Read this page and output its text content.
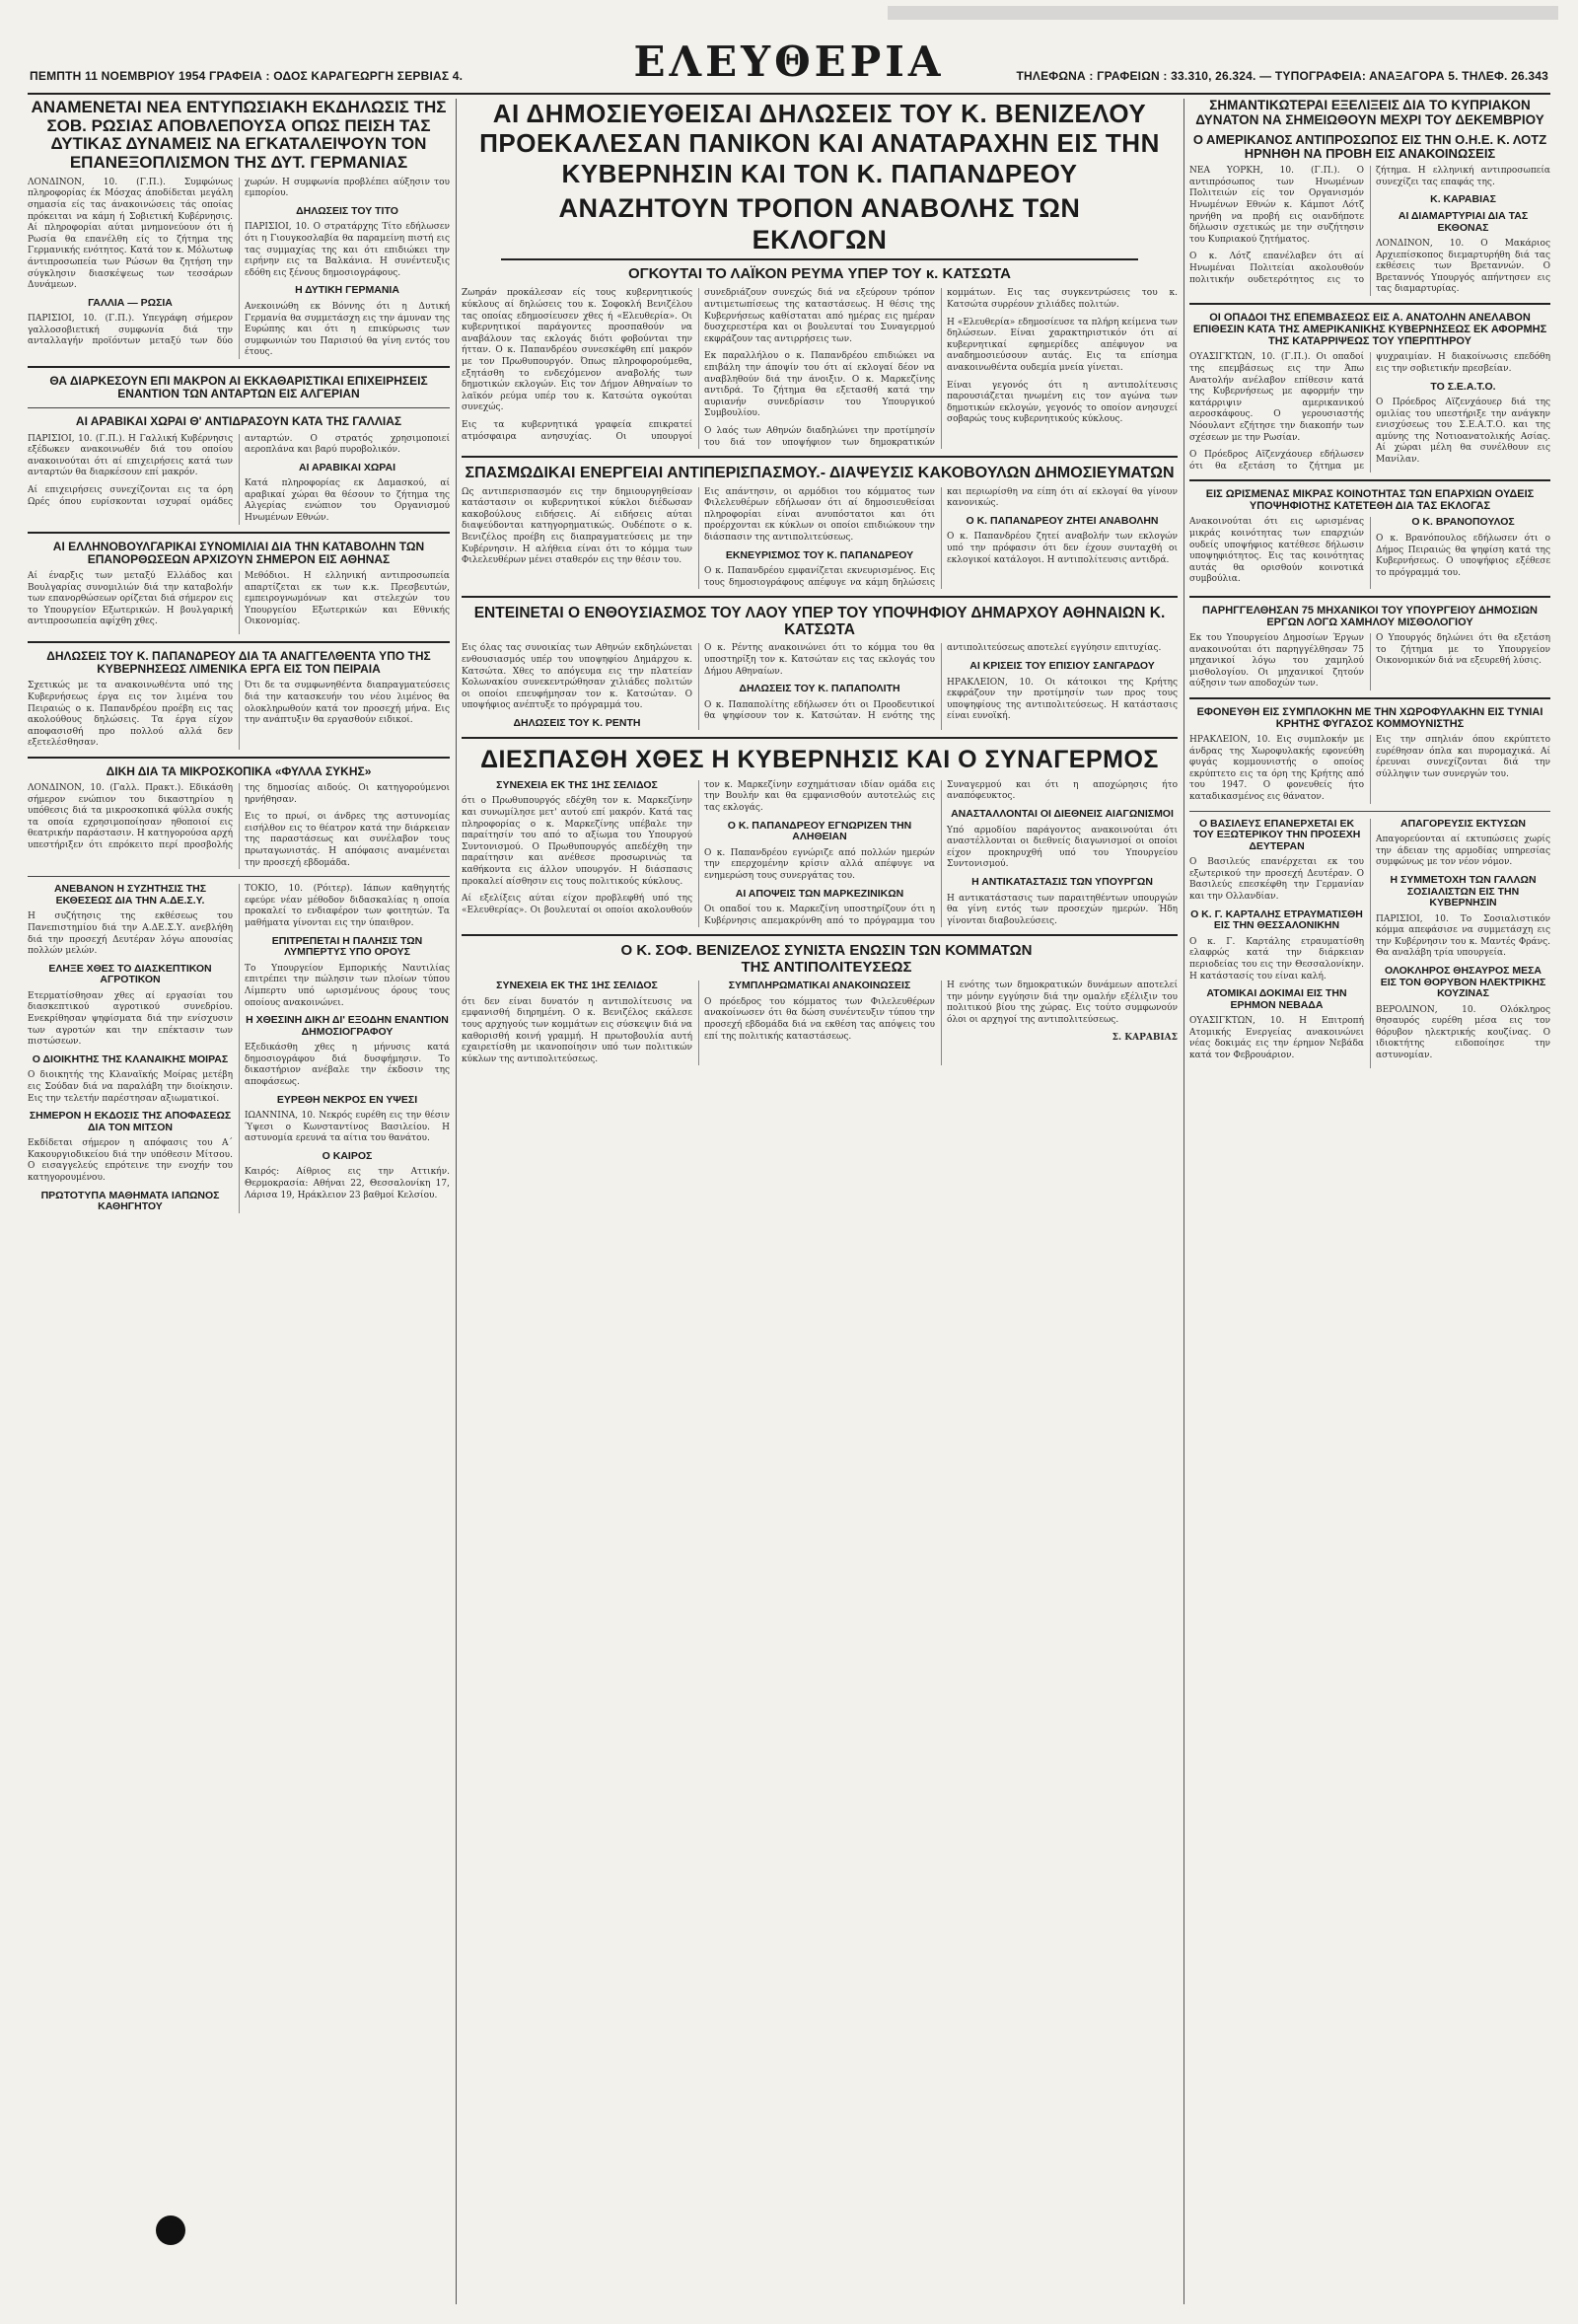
ΠΕΜΠΤΗ 11 ΝΟΕΜΒΡΙΟΥ 1954 ΓΡΑΦΕΙΑ : ΟΔΟΣ ΚΑΡΑΓΕΩΡΓΗ ΣΕΡΒΙΑΣ 4.	ΕΛΕΥΘΕΡΙΑ	ΤΗΛΕΦΩΝΑ : ΓΡΑΦΕΙΩΝ : 33.310, 26.324. — ΤΥΠΟΓΡΑΦΕΙΑ: ΑΝΑΞΑΓΟΡΑ 5. ΤΗΛΕΦ. 26.343
ΑΝΑΜΕΝΕΤΑΙ ΝΕΑ ΕΝΤΥΠΩΣΙΑΚΗ ΕΚΔΗΛΩΣΙΣ ΤΗΣ ΣΟΒ. ΡΩΣΙΑΣ ΑΠΟΒΛΕΠΟΥΣΑ ΟΠΩΣ ΠΕΙΣΗ ΤΑΣ ΔΥΤΙΚΑΣ ΔΥΝΑΜΕΙΣ ΝΑ ΕΓΚΑΤΑΛΕΙΨΟΥΝ ΤΟΝ ΕΠΑΝΕΞΟΠΛΙΣΜΟΝ ΤΗΣ ΔΥΤ. ΓΕΡΜΑΝΙΑΣ

ΛΟΝΔΙΝΟΝ, 10. (Γ.Π.). Συμφώνως πληροφορίας έκ Μόσχας άποδίδεται μεγάλη σημασία είς τας άνακοινώσεις τάς οποίας πρόκειται να κάμη ή Σοβιετική Κυβέρνησις. Αί πληροφορίαι αύται μνημονεύουν ότι ή Ρωσία θα επανέλθη είς το ζήτημα της Γερμανικής ενότητος. Κατά τον κ. Μόλωτωφ άντιπροσωπεία των Ρώσων θα ζητήση την σύγκλησιν διασκέψεως των τεσσάρων Δυνάμεων.

ΓΑΛΛΙΑ — ΡΩΣΙΑ

ΠΑΡΙΣΙΟΙ, 10. (Γ.Π.). Υπεγράφη σήμερον γαλλοσοβιετική συμφωνία διά την ανταλλαγήν προϊόντων μεταξύ των δύο χωρών. Η συμφωνία προβλέπει αύξησιν του εμπορίου.

ΔΗΛΩΣΕΙΣ ΤΟΥ ΤΙΤΟ

ΠΑΡΙΣΙΟΙ, 10. Ο στρατάρχης Τίτο εδήλωσεν ότι η Γιουγκοσλαβία θα παραμείνη πιστή εις τας συμμαχίας της και ότι επιδιώκει την ειρήνην εις τα Βαλκάνια. Η συνέντευξις εδόθη εις ξένους δημοσιογράφους.

Η ΔΥΤΙΚΗ ΓΕΡΜΑΝΙΑ

Ανεκοινώθη εκ Βόννης ότι η Δυτική Γερμανία θα συμμετάσχη εις την άμυναν της Ευρώπης και ότι η επικύρωσις των συμφωνιών του Παρισιού θα γίνη εντός του έτους.

ΘΑ ΔΙΑΡΚΕΣΟΥΝ ΕΠΙ ΜΑΚΡΟΝ ΑΙ ΕΚΚΑΘΑΡΙΣΤΙΚΑΙ ΕΠΙΧΕΙΡΗΣΕΙΣ ΕΝΑΝΤΙΟΝ ΤΩΝ ΑΝΤΑΡΤΩΝ ΕΙΣ ΑΛΓΕΡΙΑΝ
ΑΙ ΑΡΑΒΙΚΑΙ ΧΩΡΑΙ Θ' ΑΝΤΙΔΡΑΣΟΥΝ ΚΑΤΑ ΤΗΣ ΓΑΛΛΙΑΣ

ΠΑΡΙΣΙΟΙ, 10. (Γ.Π.). Η Γαλλική Κυβέρνησις εξέδωκεν ανακοινωθέν διά του οποίου ανακοινούται ότι αί επιχειρήσεις κατά των ανταρτών θα διαρκέσουν επί μακρόν.

Αί επιχειρήσεις συνεχίζονται εις τα όρη Ωρές όπου ευρίσκονται ισχυραί ομάδες ανταρτών. Ο στρατός χρησιμοποιεί αεροπλάνα και βαρύ πυροβολικόν.

ΑΙ ΑΡΑΒΙΚΑΙ ΧΩΡΑΙ

Κατά πληροφορίας εκ Δαμασκού, αί αραβικαί χώραι θα θέσουν το ζήτημα της Αλγερίας ενώπιον του Οργανισμού Ηνωμένων Εθνών.

ΑΙ ΕΛΛΗΝΟΒΟΥΛΓΑΡΙΚΑΙ ΣΥΝΟΜΙΛΙΑΙ ΔΙΑ ΤΗΝ ΚΑΤΑΒΟΛΗΝ ΤΩΝ ΕΠΑΝΟΡΘΩΣΕΩΝ ΑΡΧΙΖΟΥΝ ΣΗΜΕΡΟΝ ΕΙΣ ΑΘΗΝΑΣ

Αί έναρξις των μεταξύ Ελλάδος και Βουλγαρίας συνομιλιών διά την καταβολήν των επανορθώσεων ορίζεται διά σήμερον εις το Υπουργείον Εξωτερικών. Η βουλγαρική αντιπροσωπεία αφίχθη χθες.

Μεθόδιοι. Η ελληνική αντιπροσωπεία απαρτίζεται εκ των κ.κ. Πρεσβευτών, εμπειρογνωμόνων και στελεχών του Υπουργείου Εξωτερικών και Εθνικής Οικονομίας.

ΔΗΛΩΣΕΙΣ ΤΟΥ Κ. ΠΑΠΑΝΔΡΕΟΥ ΔΙΑ ΤΑ ΑΝΑΓΓΕΛΘΕΝΤΑ ΥΠΟ ΤΗΣ ΚΥΒΕΡΝΗΣΕΩΣ ΛΙΜΕΝΙΚΑ ΕΡΓΑ ΕΙΣ ΤΟΝ ΠΕΙΡΑΙΑ

Σχετικώς με τα ανακοινωθέντα υπό της Κυβερνήσεως έργα εις τον λιμένα του Πειραιώς ο κ. Παπανδρέου προέβη εις τας ακολούθους δηλώσεις. Τα έργα είχον αποφασισθή προ πολλού αλλά δεν εξετελέσθησαν.

Ότι δε τα συμφωνηθέντα διαπραγματεύσεις διά την κατασκευήν του νέου λιμένος θα ολοκληρωθούν κατά τον προσεχή μήνα. Εις την ανάπτυξιν θα εργασθούν ειδικοί.

ΔΙΚΗ ΔΙΑ ΤΑ ΜΙΚΡΟΣΚΟΠΙΚΑ «ΦΥΛΛΑ ΣΥΚΗΣ»

ΛΟΝΔΙΝΟΝ, 10. (Γαλλ. Πρακτ.). Εδικάσθη σήμερον ενώπιον του δικαστηρίου η υπόθεσις διά τα μικροσκοπικά φύλλα συκής τα οποία εχρησιμοποίησαν ηθοποιοί εις θεατρικήν παράστασιν. Η κατηγορούσα αρχή υπεστήριξεν ότι επρόκειτο περί προσβολής της δημοσίας αιδούς. Οι κατηγορούμενοι ηρνήθησαν.

Εις το πρωί, οι άνδρες της αστυνομίας εισήλθον εις το θέατρον κατά την διάρκειαν της παραστάσεως και συνέλαβον τους πρωταγωνιστάς. Η απόφασις αναμένεται την προσεχή εβδομάδα.

ΑΝΕΒΑΝΟΝ Η ΣΥΖΗΤΗΣΙΣ ΤΗΣ ΕΚΘΕΣΕΩΣ ΔΙΑ ΤΗΝ Α.ΔΕ.Σ.Υ.

Η συζήτησις της εκθέσεως του Πανεπιστημίου διά την Α.ΔΕ.Σ.Υ. ανεβλήθη διά την προσεχή Δευτέραν λόγω απουσίας πολλών μελών.

ΕΛΗΞΕ ΧΘΕΣ ΤΟ ΔΙΑΣΚΕΠΤΙΚΟΝ ΑΓΡΟΤΙΚΟΝ

Ετερματίσθησαν χθες αί εργασίαι του διασκεπτικού αγροτικού συνεδρίου. Ενεκρίθησαν ψηφίσματα διά την ενίσχυσιν των αγροτών και την επέκτασιν των πιστώσεων.

Ο ΔΙΟΙΚΗΤΗΣ ΤΗΣ ΚΛΑΝΑΙΚΗΣ ΜΟΙΡΑΣ

Ο διοικητής της Κλαναϊκής Μοίρας μετέβη εις Σούδαν διά να παραλάβη την διοίκησιν. Εις την τελετήν παρέστησαν αξιωματικοί.

ΣΗΜΕΡΟΝ Η ΕΚΔΟΣΙΣ ΤΗΣ ΑΠΟΦΑΣΕΩΣ ΔΙΑ ΤΟΝ ΜΙΤΣΟΝ

Εκδίδεται σήμερον η απόφασις του Α΄ Κακουργιοδικείου διά την υπόθεσιν Μίτσου. Ο εισαγγελεύς επρότεινε την ενοχήν του κατηγορουμένου.

ΠΡΩΤΟΤΥΠΑ ΜΑΘΗΜΑΤΑ ΙΑΠΩΝΟΣ ΚΑΘΗΓΗΤΟΥ

ΤΟΚΙΟ, 10. (Ρόιτερ). Ιάπων καθηγητής εφεύρε νέαν μέθοδον διδασκαλίας η οποία προκαλεί το ενδιαφέρον των φοιτητών. Τα μαθήματα γίνονται εις την ύπαιθρον.

ΕΠΙΤΡΕΠΕΤΑΙ Η ΠΑΛΗΣΙΣ ΤΩΝ ΛΥΜΠΕΡΤΥΣ ΥΠΟ ΟΡΟΥΣ

Το Υπουργείον Εμπορικής Ναυτιλίας επιτρέπει την πώλησιν των πλοίων τύπου Λίμπερτυ υπό ωρισμένους όρους τους οποίους ανακοινώνει.

Η ΧΘΕΣΙΝΗ ΔΙΚΗ ΔΙ' ΕΞΟΔΗΝ ΕΝΑΝΤΙΟΝ ΔΗΜΟΣΙΟΓΡΑΦΟΥ

Εξεδικάσθη χθες η μήνυσις κατά δημοσιογράφου διά δυσφήμησιν. Το δικαστήριον ανέβαλε την έκδοσιν της αποφάσεως.

ΕΥΡΕΘΗ ΝΕΚΡΟΣ ΕΝ ΥΨΕΣΙ

ΙΩΑΝΝΙΝΑ, 10. Νεκρός ευρέθη εις την θέσιν Ύψεσι ο Κωνσταντίνος Βασιλείου. Η αστυνομία ερευνά τα αίτια του θανάτου.

Ο ΚΑΙΡΟΣ

Καιρός: Αίθριος εις την Αττικήν. Θερμοκρασία: Αθήναι 22, Θεσσαλονίκη 17, Λάρισα 19, Ηράκλειον 23 βαθμοί Κελσίου.

ΑΙ ΔΗΜΟΣΙΕΥΘΕΙΣΑΙ ΔΗΛΩΣΕΙΣ ΤΟΥ Κ. ΒΕΝΙΖΕΛΟΥ ΠΡΟΕΚΑΛΕΣΑΝ ΠΑΝΙΚΟΝ ΚΑΙ ΑΝΑΤΑΡΑΧΗΝ ΕΙΣ ΤΗΝ ΚΥΒΕΡΝΗΣΙΝ ΚΑΙ ΤΟΝ Κ. ΠΑΠΑΝΔΡΕΟΥ
ΑΝΑΖΗΤΟΥΝ ΤΡΟΠΟΝ ΑΝΑΒΟΛΗΣ ΤΩΝ ΕΚΛΟΓΩΝ
ΟΓΚΟΥΤΑΙ ΤΟ ΛΑΪΚΟΝ ΡΕΥΜΑ ΥΠΕΡ ΤΟΥ κ. ΚΑΤΣΩΤΑ

Ζωηράν προκάλεσαν είς τους κυβερνητικούς κύκλους αί δηλώσεις του κ. Σοφοκλή Βενιζέλου τας οποίας εδημοσίευσεν χθες ή «Ελευθερία». Οι κυβερνητικοί παράγοντες προσπαθούν να αναβάλουν τας εκλογάς διότι φοβούνται την ήτταν. Ο κ. Παπανδρέου συνεσκέφθη επί μακρόν με τον Πρωθυπουργόν. Όπως πληροφορούμεθα, εξητάσθη το ενδεχόμενον αναβολής των δημοτικών εκλογών. Εις τον Δήμον Αθηναίων το λαϊκόν ρεύμα υπέρ του κ. Κατσώτα ογκούται συνεχώς.

Εις τα κυβερνητικά γραφεία επικρατεί ατμόσφαιρα ανησυχίας. Οι υπουργοί συνεδριάζουν συνεχώς διά να εξεύρουν τρόπον αντιμετωπίσεως της καταστάσεως. Η θέσις της Κυβερνήσεως καθίσταται από ημέρας εις ημέραν δυσχερεστέρα και οι βουλευταί του Συναγερμού εκφράζουν τας αντιρρήσεις των.

Εκ παραλλήλου ο κ. Παπανδρέου επιδιώκει να επιβάλη την άποψίν του ότι αί εκλογαί δέον να αναβληθούν διά την άνοιξιν. Ο κ. Μαρκεζίνης αντιδρά. Το ζήτημα θα εξετασθή κατά την αυριανήν συνεδρίασιν του Υπουργικού Συμβουλίου.

Ο λαός των Αθηνών διαδηλώνει την προτίμησίν του διά τον υποψήφιον των δημοκρατικών κομμάτων. Εις τας συγκεντρώσεις του κ. Κατσώτα συρρέουν χιλιάδες πολιτών.

Η «Ελευθερία» εδημοσίευσε τα πλήρη κείμενα των δηλώσεων. Είναι χαρακτηριστικόν ότι αί κυβερνητικαί εφημερίδες απέφυγον να αναδημοσιεύσουν αυτάς. Εις τα επίσημα ανακοινωθέντα ουδεμία μνεία γίνεται.

Είναι γεγονός ότι η αντιπολίτευσις παρουσιάζεται ηνωμένη εις τον αγώνα των δημοτικών εκλογών, γεγονός το οποίον ανησυχεί σοβαρώς τους κυβερνητικούς κύκλους.

ΣΠΑΣΜΩΔΙΚΑΙ ΕΝΕΡΓΕΙΑΙ ΑΝΤΙΠΕΡΙΣΠΑΣΜΟΥ.- ΔΙΑΨΕΥΣΙΣ ΚΑΚΟΒΟΥΛΩΝ ΔΗΜΟΣΙΕΥΜΑΤΩΝ

Ως αντιπερισπασμόν εις την δημιουργηθείσαν κατάστασιν οι κυβερνητικοί κύκλοι διέδωσαν κακοβούλους ειδήσεις. Αί ειδήσεις αύται διαψεύδονται κατηγορηματικώς. Ουδέποτε ο κ. Βενιζέλος προέβη εις διαπραγματεύσεις με την Κυβέρνησιν. Η αλήθεια είναι ότι το κόμμα των Φιλελευθέρων μένει σταθερόν εις την θέσιν του.

Εις απάντησιν, οι αρμόδιοι του κόμματος των Φιλελευθέρων εδήλωσαν ότι αί δημοσιευθείσαι πληροφορίαι είναι ανυπόστατοι και ότι προέρχονται εκ κύκλων οι οποίοι επιδιώκουν την διάσπασιν της αντιπολιτεύσεως.

ΕΚΝΕΥΡΙΣΜΟΣ ΤΟΥ Κ. ΠΑΠΑΝΔΡΕΟΥ

Ο κ. Παπανδρέου εμφανίζεται εκνευρισμένος. Εις τους δημοσιογράφους απέφυγε να κάμη δηλώσεις και περιωρίσθη να είπη ότι αί εκλογαί θα γίνουν κανονικώς.

Ο Κ. ΠΑΠΑΝΔΡΕΟΥ ΖΗΤΕΙ ΑΝΑΒΟΛΗΝ

Ο κ. Παπανδρέου ζητεί αναβολήν των εκλογών υπό την πρόφασιν ότι δεν έχουν συνταχθή οι εκλογικοί κατάλογοι. Η αντιπολίτευσις αντιδρά.

ΕΝΤΕΙΝΕΤΑΙ Ο ΕΝΘΟΥΣΙΑΣΜΟΣ ΤΟΥ ΛΑΟΥ ΥΠΕΡ ΤΟΥ ΥΠΟΨΗΦΙΟΥ ΔΗΜΑΡΧΟΥ ΑΘΗΝΑΙΩΝ Κ. ΚΑΤΣΩΤΑ

Εις όλας τας συνοικίας των Αθηνών εκδηλώνεται ενθουσιασμός υπέρ του υποψηφίου Δημάρχου κ. Κατσώτα. Χθες το απόγευμα εις την πλατείαν Κολωνακίου συνεκεντρώθησαν χιλιάδες πολιτών οι οποίοι επευφήμησαν τον κ. Κατσώταν. Ο υποψήφιος ανέπτυξε το πρόγραμμά του.

ΔΗΛΩΣΕΙΣ ΤΟΥ Κ. ΡΕΝΤΗ

Ο κ. Ρέντης ανακοινώνει ότι το κόμμα του θα υποστηρίξη τον κ. Κατσώταν εις τας εκλογάς του Δήμου Αθηναίων.

ΔΗΛΩΣΕΙΣ ΤΟΥ Κ. ΠΑΠΑΠΟΛΙΤΗ

Ο κ. Παπαπολίτης εδήλωσεν ότι οι Προοδευτικοί θα ψηφίσουν τον κ. Κατσώταν. Η ενότης της αντιπολιτεύσεως αποτελεί εγγύησιν επιτυχίας.

ΑΙ ΚΡΙΣΕΙΣ ΤΟΥ ΕΠΙΣΙΟΥ ΣΑΝΓΑΡΔΟΥ

ΗΡΑΚΛΕΙΟΝ, 10. Οι κάτοικοι της Κρήτης εκφράζουν την προτίμησίν των προς τους υποψηφίους της αντιπολιτεύσεως. Η κατάστασις είναι ευνοϊκή.

ΔΙΕΣΠΑΣΘΗ ΧΘΕΣ Η ΚΥΒΕΡΝΗΣΙΣ ΚΑΙ Ο ΣΥΝΑΓΕΡΜΟΣ
ΣΥΝΕΧΕΙΑ ΕΚ ΤΗΣ 1ΗΣ ΣΕΛΙΔΟΣ

ότι ο Πρωθυπουργός εδέχθη τον κ. Μαρκεζίνην και συνωμίλησε μετ' αυτού επί μακρόν. Κατά τας πληροφορίας ο κ. Μαρκεζίνης υπέβαλε την παραίτησίν του από το αξίωμα του Υπουργού Συντονισμού. Ο Πρωθυπουργός απεδέχθη την παραίτησιν και ανέθεσε προσωρινώς τα καθήκοντα εις άλλον υπουργόν. Η διάσπασις προκαλεί αίσθησιν εις τους πολιτικούς κύκλους.

Αί εξελίξεις αύται είχον προβλεφθή υπό της «Ελευθερίας». Οι βουλευταί οι οποίοι ακολουθούν τον κ. Μαρκεζίνην εσχημάτισαν ιδίαν ομάδα εις την Βουλήν και θα εμφανισθούν αυτοτελώς εις τας εκλογάς.

Ο Κ. ΠΑΠΑΝΔΡΕΟΥ ΕΓΝΩΡΙΖΕΝ ΤΗΝ ΑΛΗΘΕΙΑΝ

Ο κ. Παπανδρέου εγνώριζε από πολλών ημερών την επερχομένην κρίσιν αλλά απέφυγε να ενημερώση τους συνεργάτας του.

ΑΙ ΑΠΟΨΕΙΣ ΤΩΝ ΜΑΡΚΕΖΙΝΙΚΩΝ

Οι οπαδοί του κ. Μαρκεζίνη υποστηρίζουν ότι η Κυβέρνησις απεμακρύνθη από το πρόγραμμα του Συναγερμού και ότι η αποχώρησις ήτο αναπόφευκτος.

ΑΝΑΣΤΑΛΛΟΝΤΑΙ ΟΙ ΔΙΕΘΝΕΙΣ ΑΙΑΓΩΝΙΣΜΟΙ

Υπό αρμοδίου παράγοντος ανακοινούται ότι αναστέλλονται οι διεθνείς διαγωνισμοί οι οποίοι είχον προκηρυχθή υπό του Υπουργείου Συντονισμού.

Η ΑΝΤΙΚΑΤΑΣΤΑΣΙΣ ΤΩΝ ΥΠΟΥΡΓΩΝ

Η αντικατάστασις των παραιτηθέντων υπουργών θα γίνη εντός των προσεχών ημερών. Ήδη γίνονται διαβουλεύσεις.

Ο Κ. ΣΟΦ. ΒΕΝΙΖΕΛΟΣ ΣΥΝΙΣΤΑ ΕΝΩΣΙΝ ΤΩΝ ΚΟΜΜΑΤΩΝ ΤΗΣ ΑΝΤΙΠΟΛΙΤΕΥΣΕΩΣ
ΣΥΝΕΧΕΙΑ ΕΚ ΤΗΣ 1ΗΣ ΣΕΛΙΔΟΣ

ότι δεν είναι δυνατόν η αντιπολίτευσις να εμφανισθή διηρημένη. Ο κ. Βενιζέλος εκάλεσε τους αρχηγούς των κομμάτων εις σύσκεψιν διά να καθορισθή κοινή γραμμή. Η πρωτοβουλία αυτή εχαιρετίσθη με ικανοποίησιν υπό των πολιτικών κύκλων της αντιπολιτεύσεως.

ΣΥΜΠΛΗΡΩΜΑΤΙΚΑΙ ΑΝΑΚΟΙΝΩΣΕΙΣ

Ο πρόεδρος του κόμματος των Φιλελευθέρων ανακοίνωσεν ότι θα δώση συνέντευξιν τύπου την προσεχή εβδομάδα διά να εκθέση τας απόψεις του επί της πολιτικής καταστάσεως.

Η ενότης των δημοκρατικών δυνάμεων αποτελεί την μόνην εγγύησιν διά την ομαλήν εξέλιξιν του πολιτικού βίου της χώρας. Εις τούτο συμφωνούν όλοι οι αρχηγοί της αντιπολιτεύσεως.

Σ. ΚΑΡΑΒΙΑΣ

ΣΗΜΑΝΤΙΚΩΤΕΡΑΙ ΕΞΕΛΙΞΕΙΣ ΔΙΑ ΤΟ ΚΥΠΡΙΑΚΟΝ ΔΥΝΑΤΟΝ ΝΑ ΣΗΜΕΙΩΘΟΥΝ ΜΕΧΡΙ ΤΟΥ ΔΕΚΕΜΒΡΙΟΥ
Ο ΑΜΕΡΙΚΑΝΟΣ ΑΝΤΙΠΡΟΣΩΠΟΣ ΕΙΣ ΤΗΝ Ο.Η.Ε. Κ. ΛΟΤΖ ΗΡΝΗΘΗ ΝΑ ΠΡΟΒΗ ΕΙΣ ΑΝΑΚΟΙΝΩΣΕΙΣ

ΝΕΑ ΥΟΡΚΗ, 10. (Γ.Π.). Ο αντιπρόσωπος των Ηνωμένων Πολιτειών είς τον Οργανισμόν Ηνωμένων Εθνών κ. Κάμποτ Λότζ ηρνήθη να προβή εις οιανδήποτε δήλωσιν σχετικώς με την συζήτησιν του Κυπριακού ζητήματος.

Ο κ. Λότζ επανέλαβεν ότι αί Ηνωμέναι Πολιτείαι ακολουθούν πολιτικήν ουδετερότητος εις το ζήτημα. Η ελληνική αντιπροσωπεία συνεχίζει τας επαφάς της.

Κ. ΚΑΡΑΒΙΑΣ
ΑΙ ΔΙΑΜΑΡΤΥΡΙΑΙ ΔΙΑ ΤΑΣ ΕΚΘΟΝΑΣ

ΛΟΝΔΙΝΟΝ, 10. Ο Μακάριος Αρχιεπίσκοπος διεμαρτυρήθη διά τας εκθέσεις των Βρεταννών. Ο Βρεταννός Υπουργός απήντησεν εις τας διαμαρτυρίας.

ΟΙ ΟΠΑΔΟΙ ΤΗΣ ΕΠΕΜΒΑΣΕΩΣ ΕΙΣ Α. ΑΝΑΤΟΛΗΝ ΑΝΕΛΑΒΟΝ ΕΠΙΘΕΣΙΝ ΚΑΤΑ ΤΗΣ ΑΜΕΡΙΚΑΝΙΚΗΣ ΚΥΒΕΡΝΗΣΕΩΣ ΕΚ ΑΦΟΡΜΗΣ ΤΗΣ ΚΑΤΑΡΡΙΨΕΩΣ ΤΟΥ ΥΠΕΡΠΤΗΡΟΥ

ΟΥΑΣΙΓΚΤΩΝ, 10. (Γ.Π.). Οι οπαδοί της επεμβάσεως εις την Άπω Ανατολήν ανέλαβον επίθεσιν κατά της Κυβερνήσεως με αφορμήν την κατάρριψιν αμερικανικού αεροσκάφους. Ο γερουσιαστής Νόουλαντ εζήτησε την διακοπήν των σχέσεων με την Ρωσίαν.

Ο Πρόεδρος Αϊζενχάουερ εδήλωσεν ότι θα εξετάση το ζήτημα με ψυχραιμίαν. Η διακοίνωσις επεδόθη εις την σοβιετικήν πρεσβείαν.

ΤΟ Σ.Ε.Α.Τ.Ο.

Ο Πρόεδρος Αϊζενχάουερ διά της ομιλίας του υπεστήριξε την ανάγκην ενισχύσεως του Σ.Ε.Α.Τ.Ο. και της αμύνης της Νοτιοανατολικής Ασίας. Αί χώραι μέλη θα συνέλθουν εις Μανίλαν.

ΕΙΣ ΩΡΙΣΜΕΝΑΣ ΜΙΚΡΑΣ ΚΟΙΝΟΤΗΤΑΣ ΤΩΝ ΕΠΑΡΧΙΩΝ ΟΥΔΕΙΣ ΥΠΟΨΗΦΙΟΤΗΣ ΚΑΤΕΤΕΘΗ ΔΙΑ ΤΑΣ ΕΚΛΟΓΑΣ

Ανακοινούται ότι εις ωρισμένας μικράς κοινότητας των επαρχιών ουδείς υποψήφιος κατέθεσε δήλωσιν υποψηφιότητος. Εις τας κοινότητας αυτάς θα ορισθούν κοινοτικά συμβούλια.

Ο Κ. ΒΡΑΝΟΠΟΥΛΟΣ

Ο κ. Βρανόπουλος εδήλωσεν ότι ο Δήμος Πειραιώς θα ψηφίση κατά της Κυβερνήσεως. Ο υποψήφιος εξέθεσε το πρόγραμμά του.

ΠΑΡΗΓΓΕΛΘΗΣΑΝ 75 ΜΗΧΑΝΙΚΟΙ ΤΟΥ ΥΠΟΥΡΓΕΙΟΥ ΔΗΜΟΣΙΩΝ ΕΡΓΩΝ ΛΟΓΩ ΧΑΜΗΛΟΥ ΜΙΣΘΟΛΟΓΙΟΥ

Εκ του Υπουργείου Δημοσίων Έργων ανακοινούται ότι παρηγγέλθησαν 75 μηχανικοί λόγω του χαμηλού μισθολογίου. Οι μηχανικοί ζητούν αύξησιν των αποδοχών των.

Ο Υπουργός δηλώνει ότι θα εξετάση το ζήτημα με το Υπουργείον Οικονομικών διά να εξευρεθή λύσις.

ΕΦΟΝΕΥΘΗ ΕΙΣ ΣΥΜΠΛΟΚΗΝ ΜΕ ΤΗΝ ΧΩΡΟΦΥΛΑΚΗΝ ΕΙΣ ΤΥΝΙΑΙ ΚΡΗΤΗΣ ΦΥΓΑΣΟΣ ΚΟΜΜΟΥΝΙΣΤΗΣ

ΗΡΑΚΛΕΙΟΝ, 10. Εις συμπλοκήν με άνδρας της Χωροφυλακής εφονεύθη φυγάς κομμουνιστής ο οποίος εκρύπτετο εις τα όρη της Κρήτης από του 1947. Ο φονευθείς ήτο καταδικασμένος εις θάνατον.

Εις την σπηλιάν όπου εκρύπτετο ευρέθησαν όπλα και πυρομαχικά. Αί έρευναι συνεχίζονται διά την σύλληψιν των συνεργών του.

Ο ΒΑΣΙΛΕΥΣ ΕΠΑΝΕΡΧΕΤΑΙ ΕΚ ΤΟΥ ΕΞΩΤΕΡΙΚΟΥ ΤΗΝ ΠΡΟΣΕΧΗ ΔΕΥΤΕΡΑΝ

Ο Βασιλεύς επανέρχεται εκ του εξωτερικού την προσεχή Δευτέραν. Ο Βασιλεύς επεσκέφθη την Γερμανίαν και την Ολλανδίαν.

Ο Κ. Γ. ΚΑΡΤΑΛΗΣ ΕΤΡΑΥΜΑΤΙΣΘΗ ΕΙΣ ΤΗΝ ΘΕΣΣΑΛΟΝΙΚΗΝ

Ο κ. Γ. Καρτάλης ετραυματίσθη ελαφρώς κατά την διάρκειαν περιοδείας του εις την Θεσσαλονίκην. Η κατάστασίς του είναι καλή.

ΑΤΟΜΙΚΑΙ ΔΟΚΙΜΑΙ ΕΙΣ ΤΗΝ ΕΡΗΜΟΝ ΝΕΒΑΔΑ

ΟΥΑΣΙΓΚΤΩΝ, 10. Η Επιτροπή Ατομικής Ενεργείας ανακοινώνει νέας δοκιμάς εις την έρημον Νεβάδα κατά τον Φεβρουάριον.

ΑΠΑΓΟΡΕΥΣΙΣ ΕΚΤΥΣΩΝ

Απαγορεύονται αί εκτυπώσεις χωρίς την άδειαν της αρμοδίας υπηρεσίας συμφώνως με τον νέον νόμον.

Η ΣΥΜΜΕΤΟΧΗ ΤΩΝ ΓΑΛΛΩΝ ΣΟΣΙΑΛΙΣΤΩΝ ΕΙΣ ΤΗΝ ΚΥΒΕΡΝΗΣΙΝ

ΠΑΡΙΣΙΟΙ, 10. Το Σοσιαλιστικόν κόμμα απεφάσισε να συμμετάσχη εις την Κυβέρνησιν του κ. Μαντές Φράνς. Θα αναλάβη τρία υπουργεία.

ΟΛΟΚΛΗΡΟΣ ΘΗΣΑΥΡΟΣ ΜΕΣΑ ΕΙΣ ΤΟΝ ΘΟΡΥΒΟΝ ΗΛΕΚΤΡΙΚΗΣ ΚΟΥΖΙΝΑΣ

ΒΕΡΟΛΙΝΟΝ, 10. Ολόκληρος θησαυρός ευρέθη μέσα εις τον θόρυβον ηλεκτρικής κουζίνας. Ο ιδιοκτήτης ειδοποίησε την αστυνομίαν.
